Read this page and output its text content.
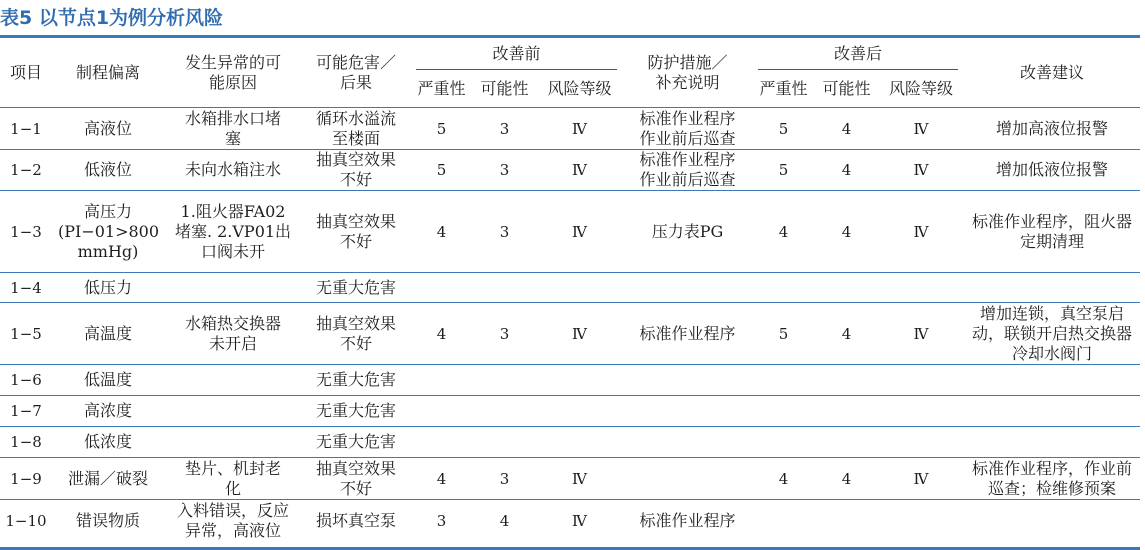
表5 以节点1为例分析风险
项目	制程偏离	发生异常的可能原因	可能危害／后果	改善前			防护措施／补充说明	改善后			改善建议
				严重性	可能性	风险等级		严重性	可能性	风险等级	
1−1	高液位	水箱排水口堵塞	循环水溢流至楼面	5	3	Ⅳ	标准作业程序作业前后巡查	5	4	Ⅳ	增加高液位报警
1−2	低液位	未向水箱注水	抽真空效果不好	5	3	Ⅳ	标准作业程序作业前后巡查	5	4	Ⅳ	增加低液位报警
1−3	高压力(PI−01>800 mmHg)	1.阻火器FA02堵塞. 2.VP01出口阀未开	抽真空效果不好	4	3	Ⅳ	压力表PG	4	4	Ⅳ	标准作业程序，阻火器定期清理
1−4	低压力		无重大危害								
1−5	高温度	水箱热交换器未开启	抽真空效果不好	4	3	Ⅳ	标准作业程序	5	4	Ⅳ	增加连锁，真空泵启动，联锁开启热交换器冷却水阀门
1−6	低温度		无重大危害								
1−7	高浓度		无重大危害								
1−8	低浓度		无重大危害								
1−9	泄漏／破裂	垫片、机封老化	抽真空效果不好	4	3	Ⅳ		4	4	Ⅳ	标准作业程序，作业前巡查；检维修预案
1−10	错误物质	入料错误，反应异常，高液位	损坏真空泵	3	4	Ⅳ	标准作业程序				
